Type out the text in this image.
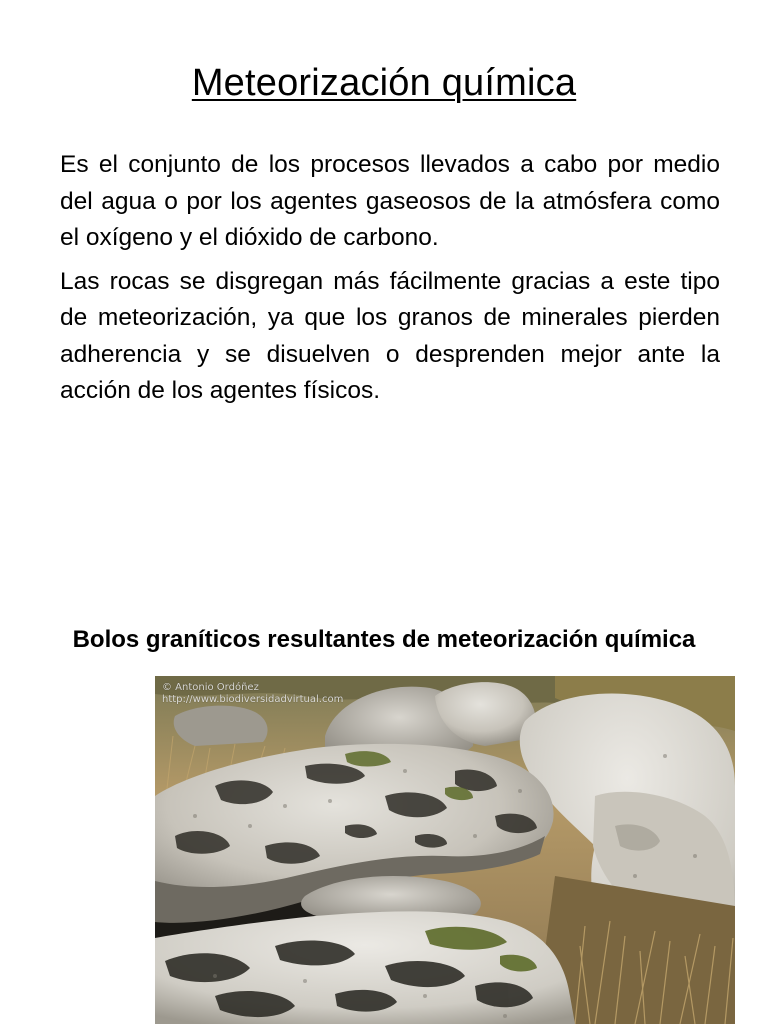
Meteorización química

Es el conjunto de los procesos llevados a cabo por medio del agua o por los agentes gaseosos de la atmósfera como el oxígeno y el dióxido de carbono.

Las rocas se disgregan más fácilmente gracias a este tipo de meteorización, ya que los granos de minerales pierden adherencia y se disuelven o desprenden mejor ante la acción de los agentes físicos.

Bolos graníticos resultantes de meteorización química
© Antonio Ordóñez
http://www.biodiversidadvirtual.com
